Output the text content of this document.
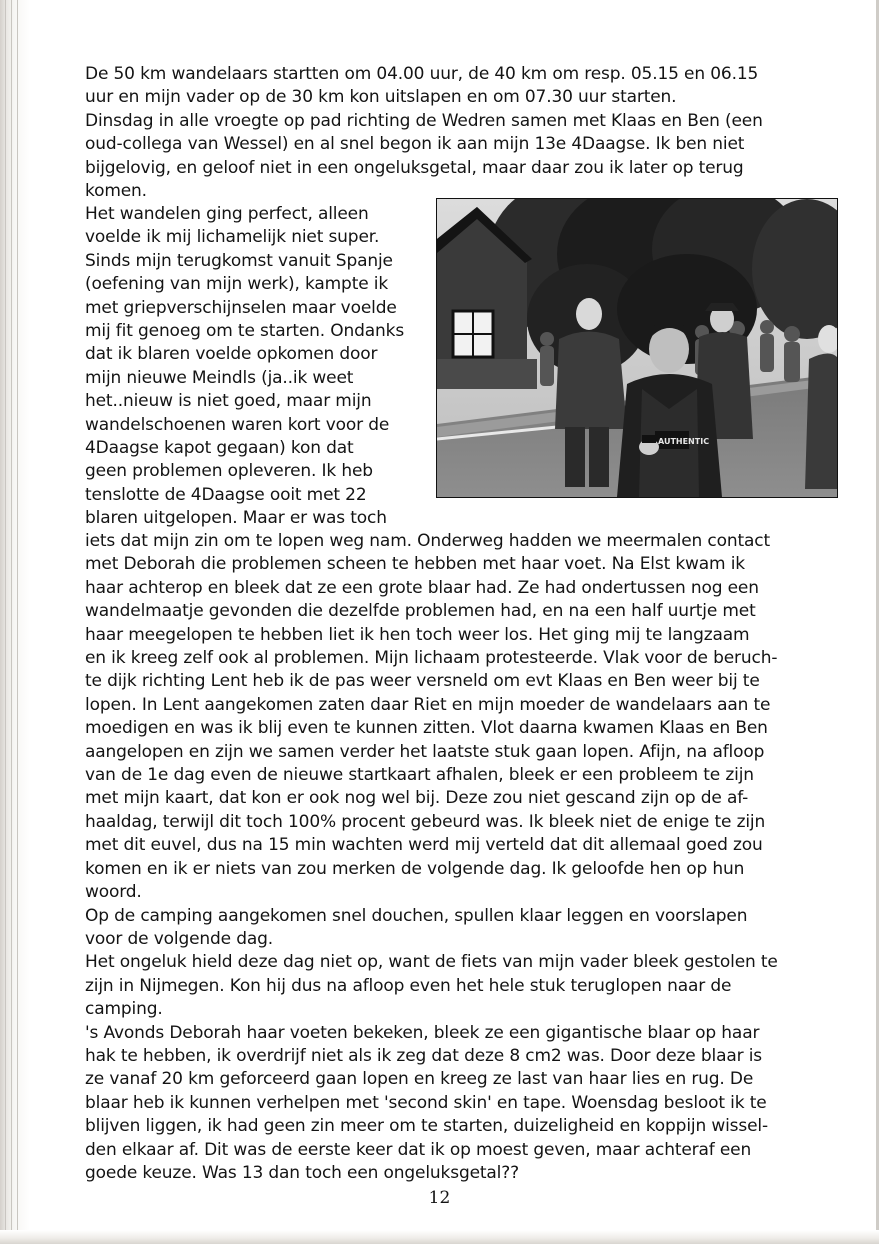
De 50 km wandelaars startten om 04.00 uur, de 40 km om resp. 05.15 en 06.15
uur en mijn vader op de 30 km kon uitslapen en om 07.30 uur starten.
Dinsdag in alle vroegte op pad richting de Wedren samen met Klaas en Ben (een
oud-collega van Wessel) en al snel begon ik aan mijn 13e 4Daagse. Ik ben niet
bijgelovig, en geloof niet in een ongeluksgetal, maar daar zou ik later op terug
komen.
Het wandelen ging perfect, alleen
voelde ik mij lichamelijk niet super.
Sinds mijn terugkomst vanuit Spanje
(oefening van mijn werk), kampte ik
met griepverschijnselen maar voelde
mij fit genoeg om te starten. Ondanks
dat ik blaren voelde opkomen door
mijn nieuwe Meindls (ja..ik weet
het..nieuw is niet goed, maar mijn
wandelschoenen waren kort voor de
4Daagse kapot gegaan) kon dat
geen problemen opleveren. Ik heb
tenslotte de 4Daagse ooit met 22
blaren uitgelopen. Maar er was toch
AUTHENTIC
iets dat mijn zin om te lopen weg nam. Onderweg hadden we meermalen contact
met Deborah die problemen scheen te hebben met haar voet. Na Elst kwam ik
haar achterop en bleek dat ze een grote blaar had. Ze had ondertussen nog een
wandelmaatje gevonden die dezelfde problemen had, en na een half uurtje met
haar meegelopen te hebben liet ik hen toch weer los. Het ging mij te langzaam
en ik kreeg zelf ook al problemen. Mijn lichaam protesteerde. Vlak voor de beruch-
te dijk richting Lent heb ik de pas weer versneld om evt Klaas en Ben weer bij te
lopen. In Lent aangekomen zaten daar Riet en mijn moeder de wandelaars aan te
moedigen en was ik blij even te kunnen zitten. Vlot daarna kwamen Klaas en Ben
aangelopen en zijn we samen verder het laatste stuk gaan lopen. Afijn, na afloop
van de 1e dag even de nieuwe startkaart afhalen, bleek er een probleem te zijn
met mijn kaart, dat kon er ook nog wel bij. Deze zou niet gescand zijn op de af-
haaldag, terwijl dit toch 100% procent gebeurd was. Ik bleek niet de enige te zijn
met dit euvel, dus na 15 min wachten werd mij verteld dat dit allemaal goed zou
komen en ik er niets van zou merken de volgende dag. Ik geloofde hen op hun
woord.
Op de camping aangekomen snel douchen, spullen klaar leggen en voorslapen
voor de volgende dag.
Het ongeluk hield deze dag niet op, want de fiets van mijn vader bleek gestolen te
zijn in Nijmegen. Kon hij dus na afloop even het hele stuk teruglopen naar de
camping.
's Avonds Deborah haar voeten bekeken, bleek ze een gigantische blaar op haar
hak te hebben, ik overdrijf niet als ik zeg dat deze 8 cm2 was. Door deze blaar is
ze vanaf 20 km geforceerd gaan lopen en kreeg ze last van haar lies en rug. De
blaar heb ik kunnen verhelpen met 'second skin' en tape. Woensdag besloot ik te
blijven liggen, ik had geen zin meer om te starten, duizeligheid en koppijn wissel-
den elkaar af. Dit was de eerste keer dat ik op moest geven, maar achteraf een
goede keuze. Was 13 dan toch een ongeluksgetal??
12
